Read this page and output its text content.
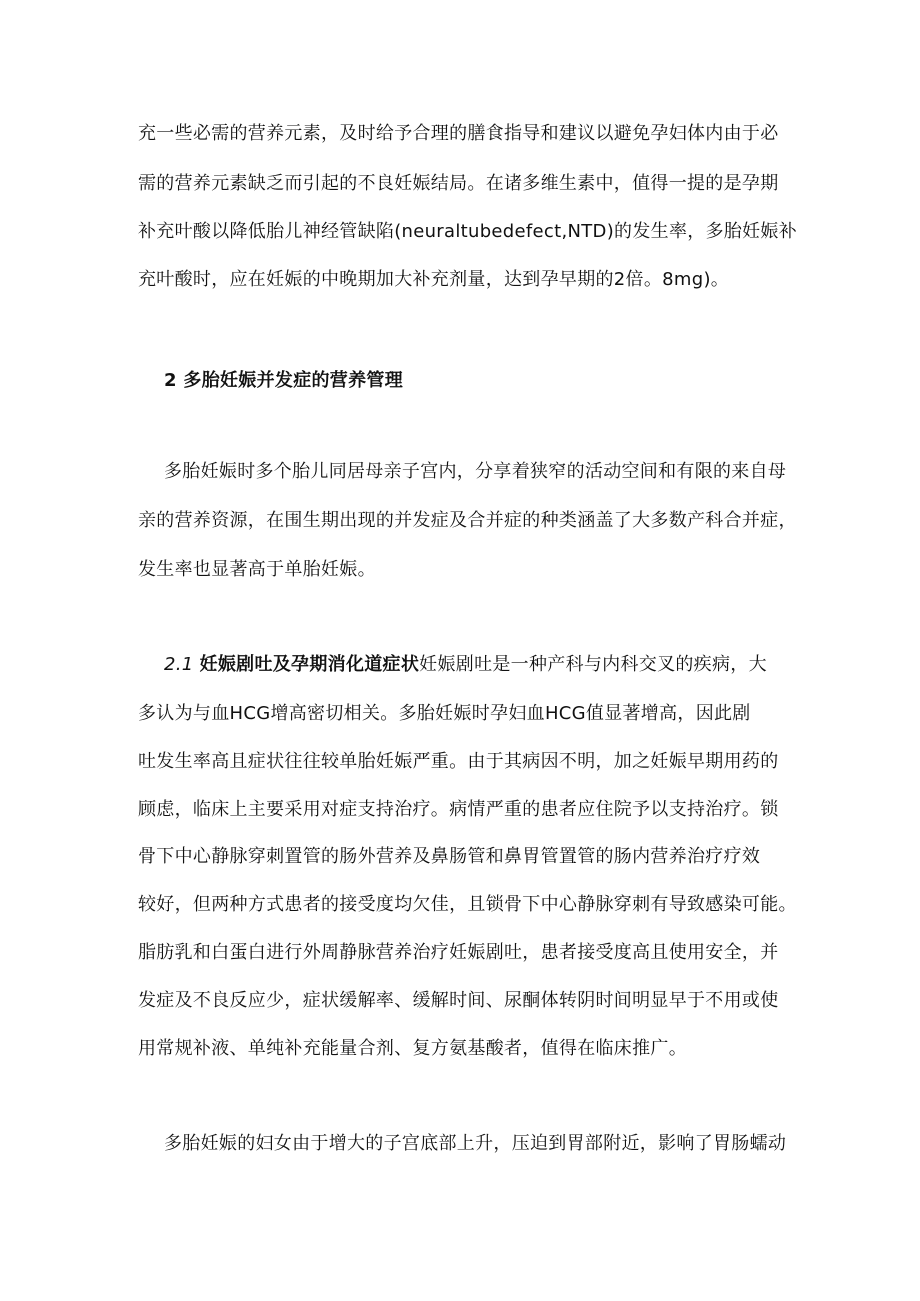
充一些必需的营养元素，及时给予合理的膳食指导和建议以避免孕妇体内由于必
需的营养元素缺乏而引起的不良妊娠结局。在诸多维生素中，值得一提的是孕期
补充叶酸以降低胎儿神经管缺陷(neuraltubedefect,NTD)的发生率，多胎妊娠补
充叶酸时，应在妊娠的中晚期加大补充剂量，达到孕早期的2倍。8mg)。
2 多胎妊娠并发症的营养管理
多胎妊娠时多个胎儿同居母亲子宫内，分享着狭窄的活动空间和有限的来自母
亲的营养资源，在围生期出现的并发症及合并症的种类涵盖了大多数产科合并症，
发生率也显著高于单胎妊娠。
2.1 妊娠剧吐及孕期消化道症状妊娠剧吐是一种产科与内科交叉的疾病，大
多认为与血HCG增高密切相关。多胎妊娠时孕妇血HCG值显著增高，因此剧
吐发生率高且症状往往较单胎妊娠严重。由于其病因不明，加之妊娠早期用药的
顾虑，临床上主要采用对症支持治疗。病情严重的患者应住院予以支持治疗。锁
骨下中心静脉穿刺置管的肠外营养及鼻肠管和鼻胃管置管的肠内营养治疗疗效
较好，但两种方式患者的接受度均欠佳，且锁骨下中心静脉穿刺有导致感染可能。
脂肪乳和白蛋白进行外周静脉营养治疗妊娠剧吐，患者接受度高且使用安全，并
发症及不良反应少，症状缓解率、缓解时间、尿酮体转阴时间明显早于不用或使
用常规补液、单纯补充能量合剂、复方氨基酸者，值得在临床推广。
多胎妊娠的妇女由于增大的子宫底部上升，压迫到胃部附近，影响了胃肠蠕动
